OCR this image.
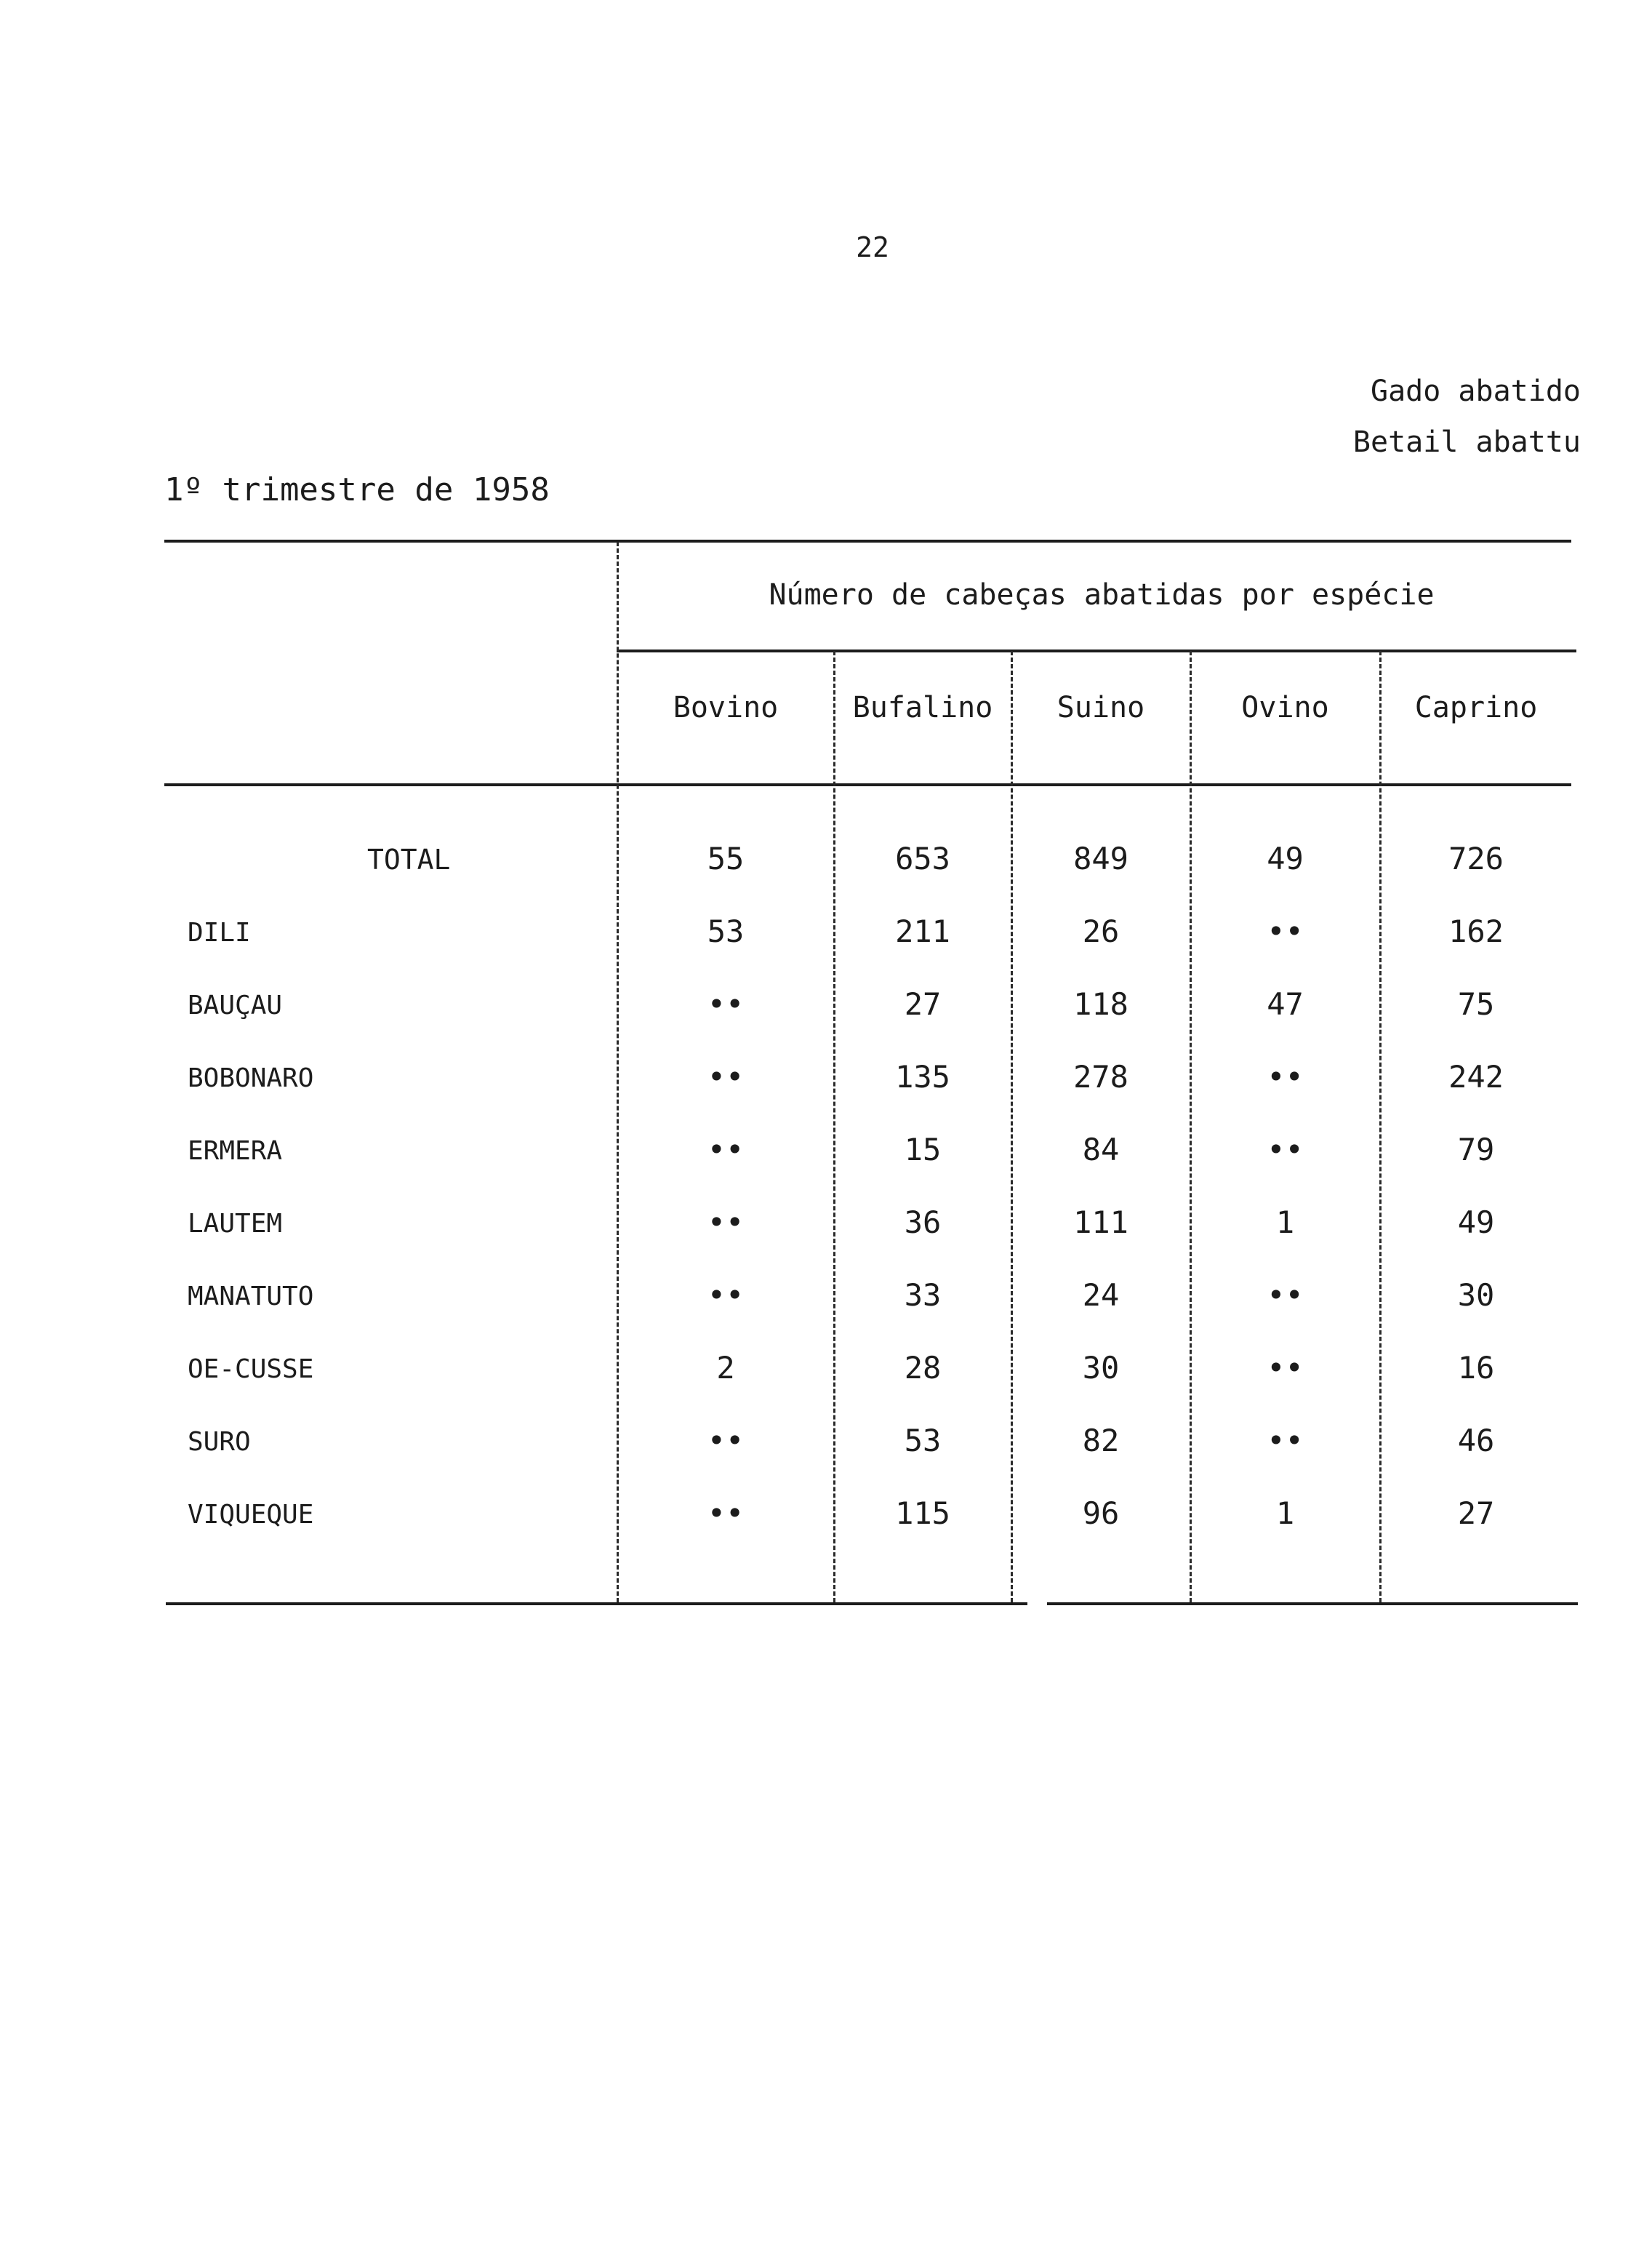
22
Gado abatido
Betail abattu
1º trimestre de 1958
Número de cabeças abatidas por espécie
Bovino	Bufalino	Suino	Ovino	Caprino
TOTAL	55	653	849	49	726
DILI	53	211	26	••	162
BAUÇAU	••	27	118	47	75
BOBONARO	••	135	278	••	242
ERMERA	••	15	84	••	79
LAUTEM	••	36	111	1	49
MANATUTO	••	33	24	••	30
OE-CUSSE	2	28	30	••	16
SURO	••	53	82	••	46
VIQUEQUE	••	115	96	1	27
